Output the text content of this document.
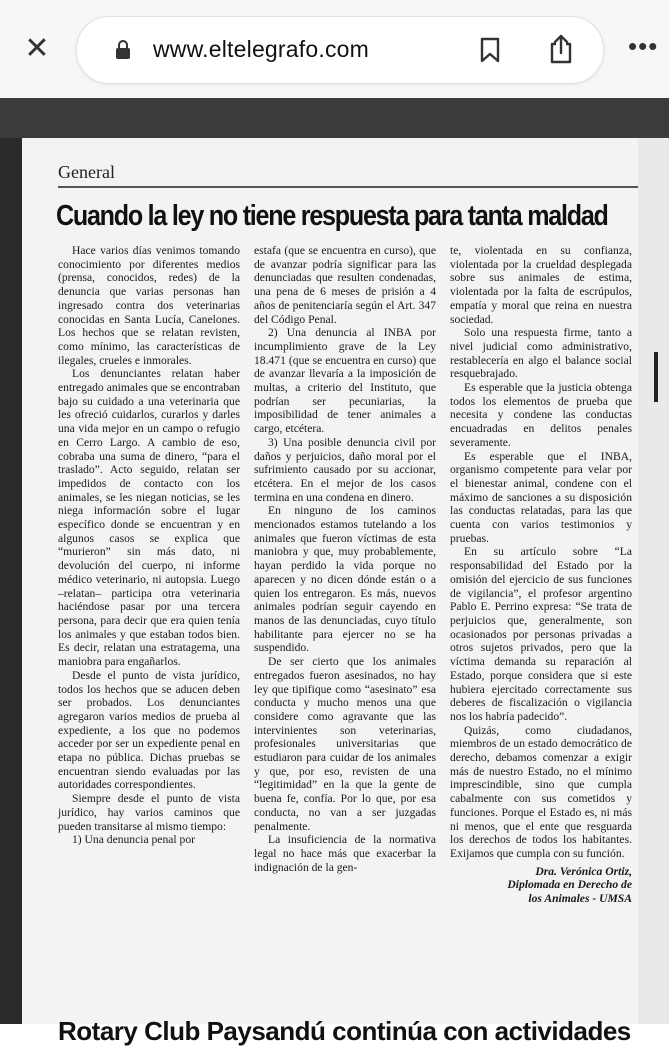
✕	www.eltelegrafo.com	•••
General
Cuando la ley no tiene respuesta para tanta maldad

Hace varios días venimos tomando conocimiento por diferentes medios (prensa, conocidos, redes) de la denuncia que varias personas han ingresado contra dos veterinarias conocidas en Santa Lucía, Canelones. Los hechos que se relatan revisten, como mínimo, las características de ilegales, crueles e inmorales.

Los denunciantes relatan haber entregado animales que se encontraban bajo su cuidado a una veterinaria que les ofreció cuidarlos, curarlos y darles una vida mejor en un campo o refugio en Cerro Largo. A cambio de eso, cobraba una suma de dinero, “para el traslado”. Acto seguido, relatan ser impedidos de contacto con los animales, se les niegan noticias, se les niega información sobre el lugar específico donde se encuentran y en algunos casos se explica que “murieron” sin más dato, ni devolución del cuerpo, ni informe médico veterinario, ni autopsia. Luego –relatan– participa otra veterinaria haciéndose pasar por una tercera persona, para decir que era quien tenía los animales y que estaban todos bien. Es decir, relatan una estratagema, una maniobra para engañarlos.

Desde el punto de vista jurídico, todos los hechos que se aducen deben ser probados. Los denunciantes agregaron varios medios de prueba al expediente, a los que no podemos acceder por ser un expediente penal en etapa no pública. Dichas pruebas se encuentran siendo evaluadas por las autoridades correspondientes.

Siempre desde el punto de vista jurídico, hay varios caminos que pueden transitarse al mismo tiempo:

1) Una denuncia penal por

estafa (que se encuentra en curso), que de avanzar podría significar para las denunciadas que resulten condenadas, una pena de 6 meses de prisión a 4 años de penitenciaría según el Art. 347 del Código Penal.

2) Una denuncia al INBA por incumplimiento grave de la Ley 18.471 (que se encuentra en curso) que de avanzar llevaría a la imposición de multas, a criterio del Instituto, que podrían ser pecuniarias, la imposibilidad de tener animales a cargo, etcétera.

3) Una posible denuncia civil por daños y perjuicios, daño moral por el sufrimiento causado por su accionar, etcétera. En el mejor de los casos termina en una condena en dinero.

En ninguno de los caminos mencionados estamos tutelando a los animales que fueron víctimas de esta maniobra y que, muy probablemente, hayan perdido la vida porque no aparecen y no dicen dónde están o a quien los entregaron. Es más, nuevos animales podrían seguir cayendo en manos de las denunciadas, cuyo título habilitante para ejercer no se ha suspendido.

De ser cierto que los animales entregados fueron asesinados, no hay ley que tipifique como “asesinato” esa conducta y mucho menos una que considere como agravante que las intervinientes son veterinarias, profesionales universitarias que estudiaron para cuidar de los animales y que, por eso, revisten de una “legitimidad” en la que la gente de buena fe, confía. Por lo que, por esa conducta, no van a ser juzgadas penalmente.

La insuficiencia de la normativa legal no hace más que exacerbar la indignación de la gen-

te, violentada en su confianza, violentada por la crueldad desplegada sobre sus animales de estima, violentada por la falta de escrúpulos, empatía y moral que reina en nuestra sociedad.

Solo una respuesta firme, tanto a nivel judicial como administrativo, restablecería en algo el balance social resquebrajado.

Es esperable que la justicia obtenga todos los elementos de prueba que necesita y condene las conductas encuadradas en delitos penales severamente.

Es esperable que el INBA, organismo competente para velar por el bienestar animal, condene con el máximo de sanciones a su disposición las conductas relatadas, para las que cuenta con varios testimonios y pruebas.

En su artículo sobre “La responsabilidad del Estado por la omisión del ejercicio de sus funciones de vigilancia”, el profesor argentino Pablo E. Perrino expresa: “Se trata de perjuicios que, generalmente, son ocasionados por personas privadas a otros sujetos privados, pero que la víctima demanda su reparación al Estado, porque considera que si este hubiera ejercitado correctamente sus deberes de fiscalización o vigilancia nos los habría padecido”.

Quizás, como ciudadanos, miembros de un estado democrático de derecho, debamos comenzar a exigir más de nuestro Estado, no el mínimo imprescindible, sino que cumpla cabalmente con sus cometidos y funciones. Porque el Estado es, ni más ni menos, que el ente que resguarda los derechos de todos los habitantes. Exijamos que cumpla con su función.

Dra. Verónica Ortiz,

Diplomada en Derecho de

los Animales - UMSA

Rotary Club Paysandú continúa con actividades
